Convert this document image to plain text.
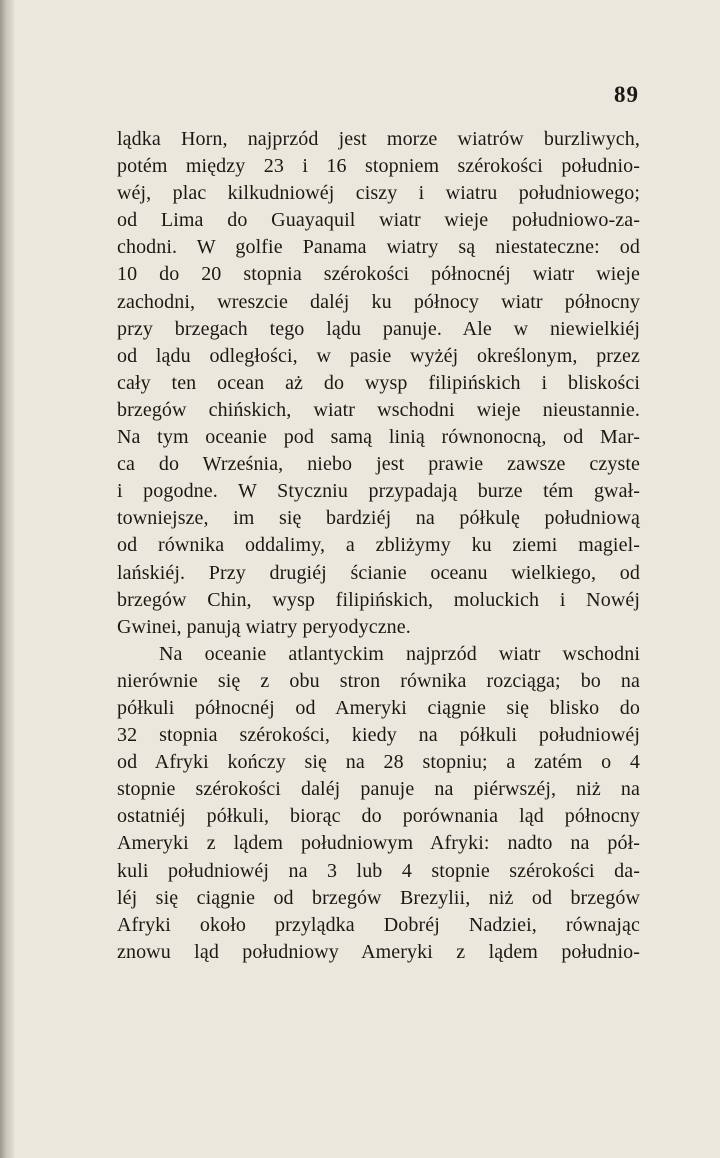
89
lądka Horn, najprzód jest morze wiatrów burzliwych,
potém między 23 i 16 stopniem szérokości południo-
wéj, plac kilkudniowéj ciszy i wiatru południowego;
od Lima do Guayaquil wiatr wieje południowo-za-
chodni. W golfie Panama wiatry są niestateczne: od
10 do 20 stopnia szérokości północnéj wiatr wieje
zachodni, wreszcie daléj ku północy wiatr północny
przy brzegach tego lądu panuje. Ale w niewielkiéj
od lądu odległości, w pasie wyżéj określonym, przez
cały ten ocean aż do wysp filipińskich i bliskości
brzegów chińskich, wiatr wschodni wieje nieustannie.
Na tym oceanie pod samą linią równonocną, od Mar-
ca do Września, niebo jest prawie zawsze czyste
i pogodne. W Styczniu przypadają burze tém gwał-
towniejsze, im się bardziéj na półkulę południową
od równika oddalimy, a zbliżymy ku ziemi magiel-
lańskiéj. Przy drugiéj ścianie oceanu wielkiego, od
brzegów Chin, wysp filipińskich, moluckich i Nowéj
Gwinei, panują wiatry peryodyczne.
Na oceanie atlantyckim najprzód wiatr wschodni
nierównie się z obu stron równika rozciąga; bo na
półkuli północnéj od Ameryki ciągnie się blisko do
32 stopnia szérokości, kiedy na półkuli południowéj
od Afryki kończy się na 28 stopniu; a zatém o 4
stopnie szérokości daléj panuje na piérwszéj, niż na
ostatniéj półkuli, biorąc do porównania ląd północny
Ameryki z lądem południowym Afryki: nadto na pół-
kuli południowéj na 3 lub 4 stopnie szérokości da-
léj się ciągnie od brzegów Brezylii, niż od brzegów
Afryki około przylądka Dobréj Nadziei, równając
znowu ląd południowy Ameryki z lądem południo-
